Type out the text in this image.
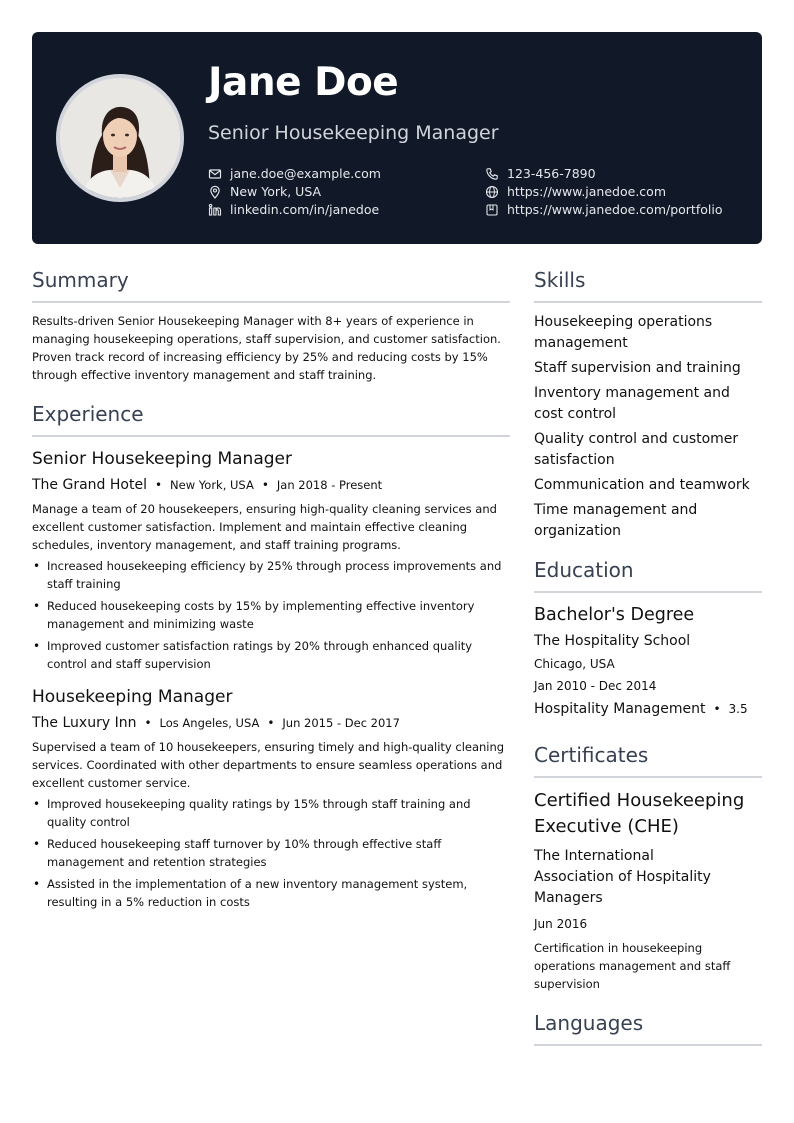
Jane Doe
Senior Housekeeping Manager
jane.doe@example.com
New York, USA
linkedin.com/in/janedoe
123-456-7890
https://www.janedoe.com
https://www.janedoe.com/portfolio
Summary
Results-driven Senior Housekeeping Manager with 8+ years of experience in managing housekeeping operations, staff supervision, and customer satisfaction. Proven track record of increasing efficiency by 25% and reducing costs by 15% through effective inventory management and staff training.
Experience
Senior Housekeeping Manager
The Grand Hotel • New York, USA • Jan 2018 - Present
Manage a team of 20 housekeepers, ensuring high-quality cleaning services and excellent customer satisfaction. Implement and maintain effective cleaning schedules, inventory management, and staff training programs.
• Increased housekeeping efficiency by 25% through process improvements and staff training
• Reduced housekeeping costs by 15% by implementing effective inventory management and minimizing waste
• Improved customer satisfaction ratings by 20% through enhanced quality control and staff supervision
Housekeeping Manager
The Luxury Inn • Los Angeles, USA • Jun 2015 - Dec 2017
Supervised a team of 10 housekeepers, ensuring timely and high-quality cleaning services. Coordinated with other departments to ensure seamless operations and excellent customer service.
• Improved housekeeping quality ratings by 15% through staff training and quality control
• Reduced housekeeping staff turnover by 10% through effective staff management and retention strategies
• Assisted in the implementation of a new inventory management system, resulting in a 5% reduction in costs
Skills
Housekeeping operations management
Staff supervision and training
Inventory management and cost control
Quality control and customer satisfaction
Communication and teamwork
Time management and organization
Education
Bachelor's Degree
The Hospitality School
Chicago, USA
Jan 2010 - Dec 2014
Hospitality Management • 3.5
Certificates
Certified Housekeeping Executive (CHE)
The International Association of Hospitality Managers
Jun 2016
Certification in housekeeping operations management and staff supervision
Languages
